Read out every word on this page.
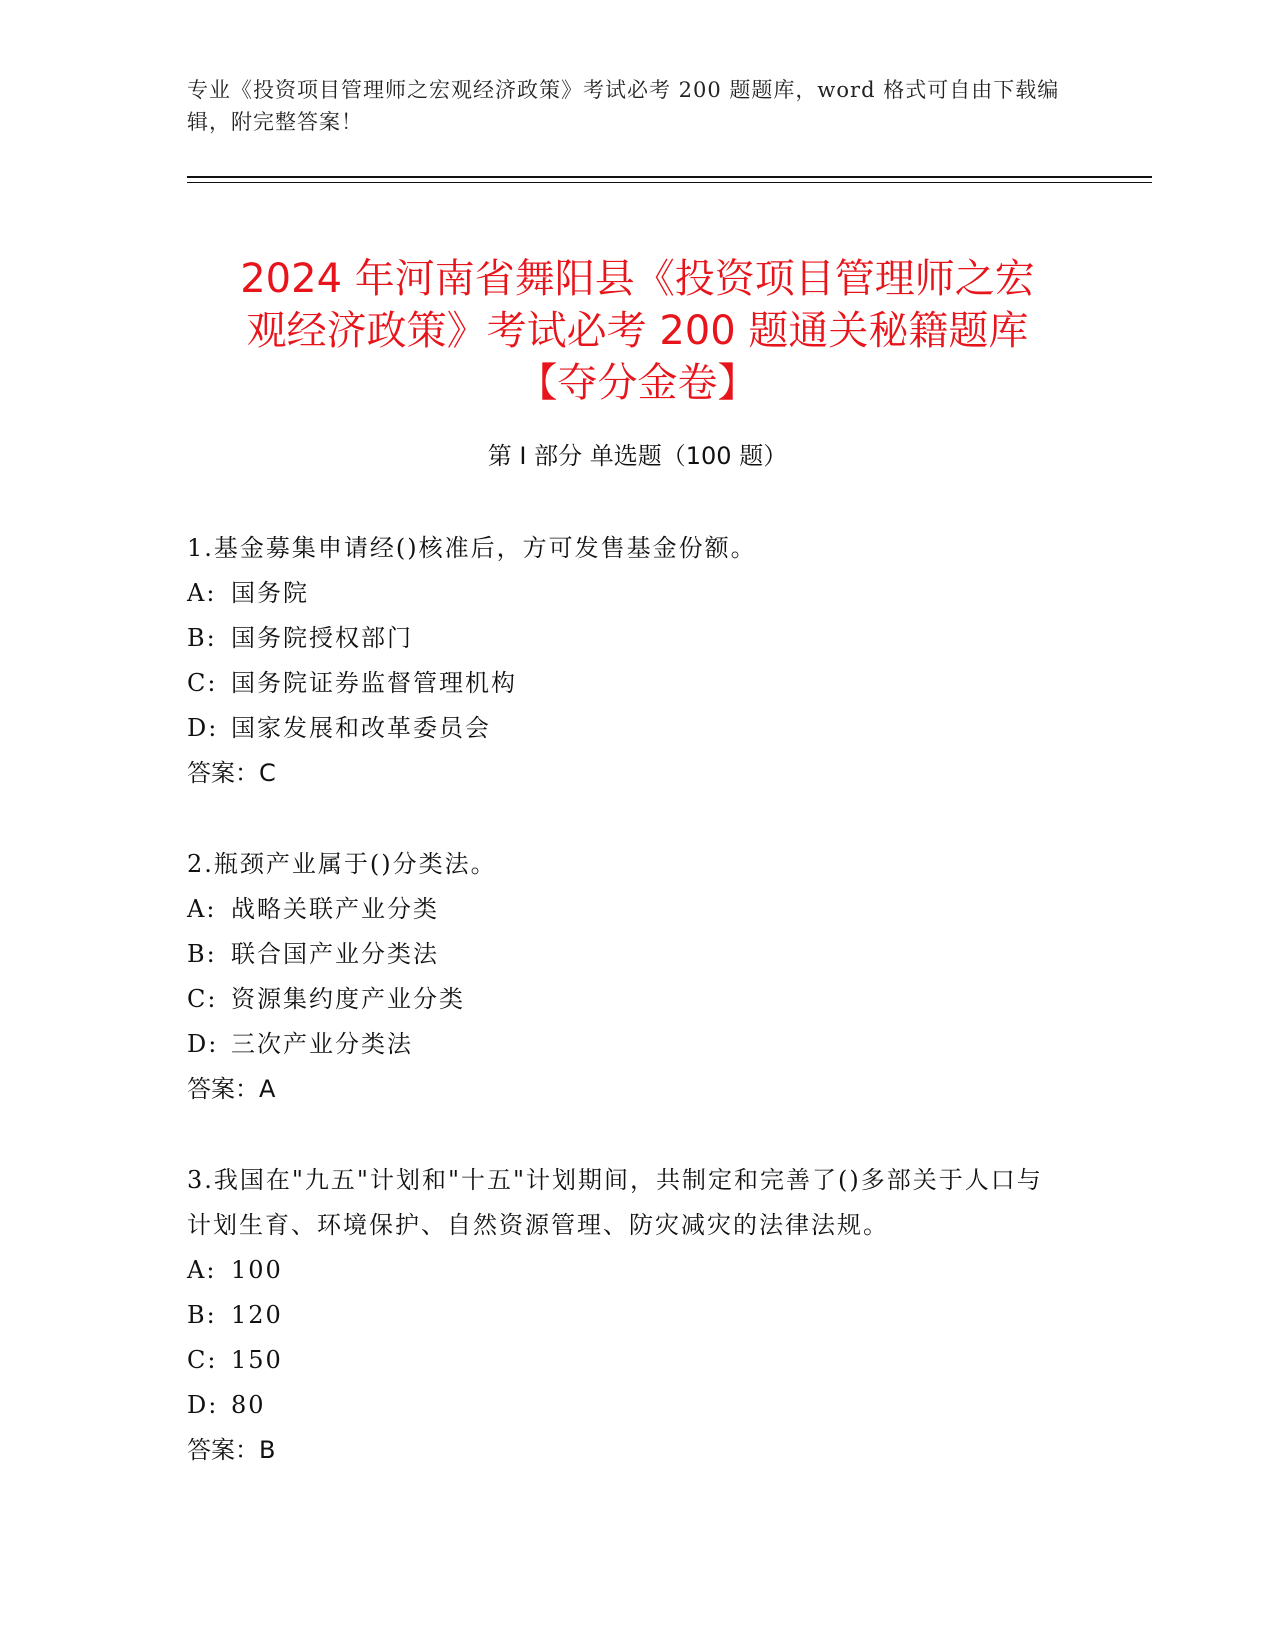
专业《投资项目管理师之宏观经济政策》考试必考 200 题题库，word 格式可自由下载编辑，附完整答案！
2024 年河南省舞阳县《投资项目管理师之宏
观经济政策》考试必考 200 题通关秘籍题库
【夺分金卷】
第 I 部分 单选题（100 题）

1.基金募集申请经()核准后，方可发售基金份额。

A: 国务院

B: 国务院授权部门

C: 国务院证券监督管理机构

D: 国家发展和改革委员会

答案：C

2.瓶颈产业属于()分类法。

A: 战略关联产业分类

B: 联合国产业分类法

C: 资源集约度产业分类

D: 三次产业分类法

答案：A

3.我国在"九五"计划和"十五"计划期间，共制定和完善了()多部关于人口与计划生育、环境保护、自然资源管理、防灾减灾的法律法规。

A: 100

B: 120

C: 150

D: 80

答案：B
